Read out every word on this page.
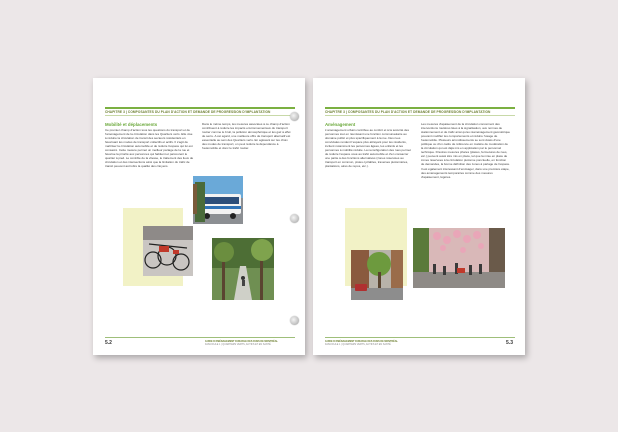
CHAPITRE 3 | COMPOSANTES DU PLAN D'ACTION ET DEMANDE DE PROGRESSION D'IMPLANTATION
Mobilité et déplacements

Ce premier champ d'action tous les questions du transport et de l'aménagement de la circulation dans les Quartiers verts. Elle vise à réduire la circulation de transit des secteurs résidentiels en favorisant les modes de transport collectifs et actifs. Il s'agit de maîtriser la circulation automobile et de réduire l'espace qui lui est consacré. Cette mesure permet un meilleur partage de la rue et favorise la priorité aux personnes qui habitent et parcourent le quartier à pied. Le contrôle de la vitesse, le traitement des lieux de circulation et des intersections ainsi que la limitation du trafic de transit peuvent accroître la qualité des citoyens.

Dans le même temps, les mesures associées à ce champ d'action contribuent à réduire les impacts environnementaux du transport routier comme le bruit, la pollution atmosphérique et les gaz à effet de serre. A cet égard, une meilleure offre de transport alternatif est essentielle au sein des Quartiers verts. En agissant sur les choix des modes de transport, on peut réduire la dépendance à l'automobile et donc le trafic routier.

5.2	GUIDE D'AMÉNAGEMENT DURABLE DES RUES DE MONTRÉAL
FASCICULE 1 | QUARTIERS VERTS, ACTIFS ET EN SANTÉ
CHAPITRE 3 | COMPOSANTES DU PLAN D'ACTION ET DEMANDE DE PROGRESSION D'IMPLANTATION
Aménagement

L'aménagement urbain contribue au confort et à la sécurité des personnes tout en réunissant une fonction communautaire au domaine public et plus spécifiquement à la rue. Des rues conviviales rendent l'espace plus attrayant pour les résidents, incitent notamment les personnes âgées, les enfants et les personnes à mobilité réduite. La reconfiguration des rues permet de réduire l'espace voué au trafic automobile et d'en consacrer une partie à des fonctions alternatives (zones réservées au transport en commun, pistes cyclables, traverses piétonnières, plantations, aires de repos, etc.).

Les mesures d'apaisement de la circulation concernent des interventions routières liées à la signalisation, aux normes de stationnement et de trafic ainsi qu'au réaménagement géométrique pouvant modifier les comportements et réduire l'usage de l'automobile. Plusieurs arrondissements se sont dotés d'une politique ou d'un cadre de référence en matière de modération de la circulation qui est déjà mis en application par le personnel technique. D'autres mesures phares (places, fermetures de rues, etc.) peuvent aussi être mis en place, tel que la mise en place de zones réservées à la circulation piétonne ponctuelle, en fonction de demandes, la bonne définition des zones à partage de l'espace. Il est également intéressant d'envisager, dans une première étape, des aménagements temporaires comme des mesures d'apaisement, légères.

GUIDE D'AMÉNAGEMENT DURABLE DES RUES DE MONTRÉAL
FASCICULE 1 | QUARTIERS VERTS, ACTIFS ET EN SANTÉ	5.3
